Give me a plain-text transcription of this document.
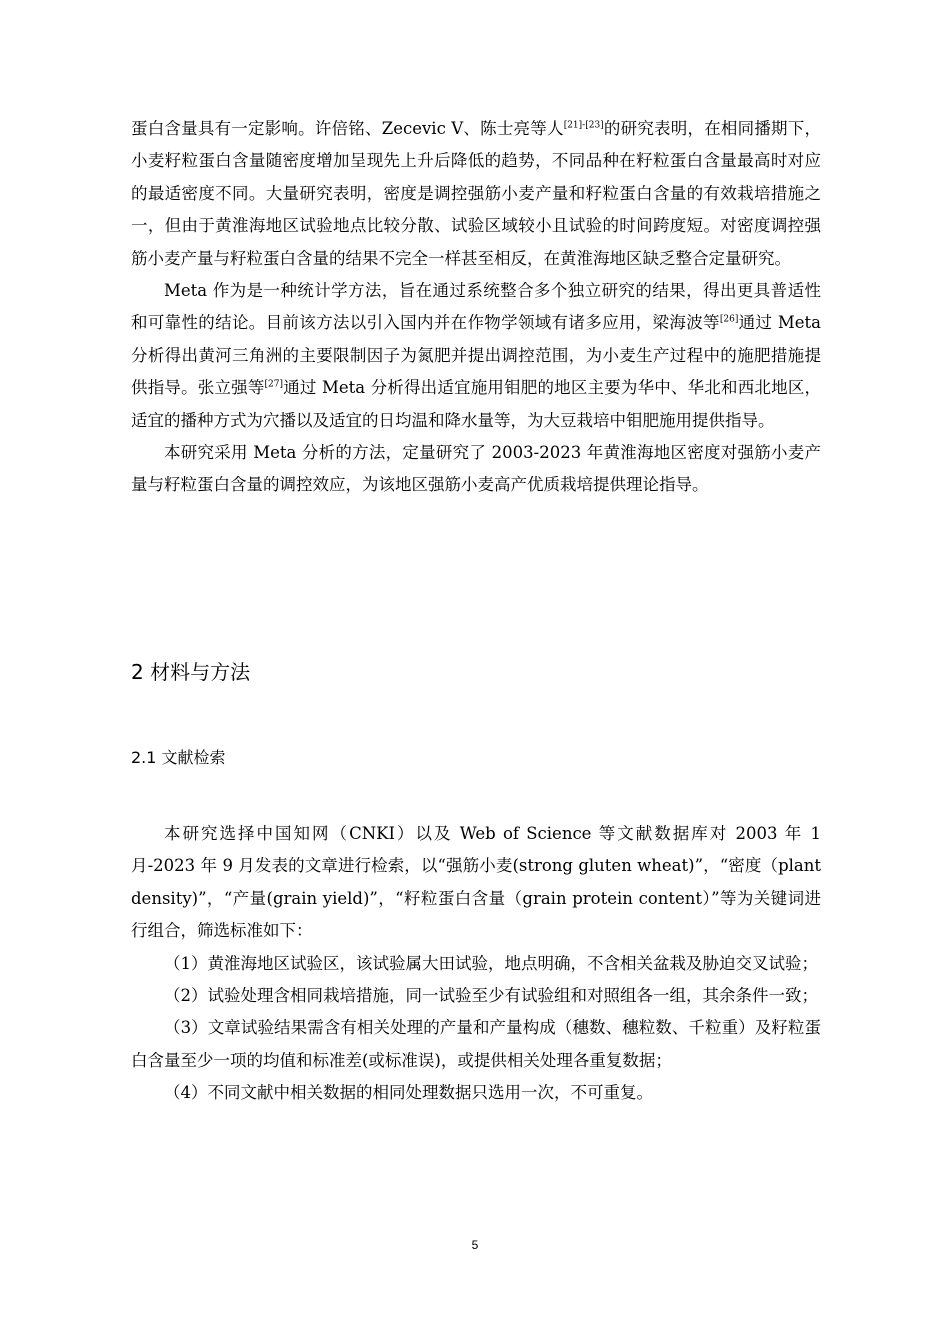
蛋白含量具有一定影响。许倍铭、Zecevic V、陈士亮等人[21]-[23]的研究表明，在相同播期下，小麦籽粒蛋白含量随密度增加呈现先上升后降低的趋势，不同品种在籽粒蛋白含量最高时对应的最适密度不同。大量研究表明，密度是调控强筋小麦产量和籽粒蛋白含量的有效栽培措施之一，但由于黄淮海地区试验地点比较分散、试验区域较小且试验的时间跨度短。对密度调控强筋小麦产量与籽粒蛋白含量的结果不完全一样甚至相反，在黄淮海地区缺乏整合定量研究。

Meta 作为是一种统计学方法，旨在通过系统整合多个独立研究的结果，得出更具普适性和可靠性的结论。目前该方法以引入国内并在作物学领域有诸多应用，梁海波等[26]通过 Meta 分析得出黄河三角洲的主要限制因子为氮肥并提出调控范围，为小麦生产过程中的施肥措施提供指导。张立强等[27]通过 Meta 分析得出适宜施用钼肥的地区主要为华中、华北和西北地区，适宜的播种方式为穴播以及适宜的日均温和降水量等，为大豆栽培中钼肥施用提供指导。

本研究采用 Meta 分析的方法，定量研究了 2003-2023 年黄淮海地区密度对强筋小麦产量与籽粒蛋白含量的调控效应，为该地区强筋小麦高产优质栽培提供理论指导。

2 材料与方法
2.1 文献检索

本研究选择中国知网（CNKI）以及 Web of Science 等文献数据库对 2003 年 1 月-2023 年 9 月发表的文章进行检索，以“强筋小麦(strong gluten wheat)”，“密度（plant density)”，“产量(grain yield)”，“籽粒蛋白含量（grain protein content）”等为关键词进行组合，筛选标准如下：

（1）黄淮海地区试验区，该试验属大田试验，地点明确，不含相关盆栽及胁迫交叉试验；

（2）试验处理含相同栽培措施，同一试验至少有试验组和对照组各一组，其余条件一致；

（3）文章试验结果需含有相关处理的产量和产量构成（穗数、穗粒数、千粒重）及籽粒蛋白含量至少一项的均值和标准差(或标准误)，或提供相关处理各重复数据；

（4）不同文献中相关数据的相同处理数据只选用一次，不可重复。

5
